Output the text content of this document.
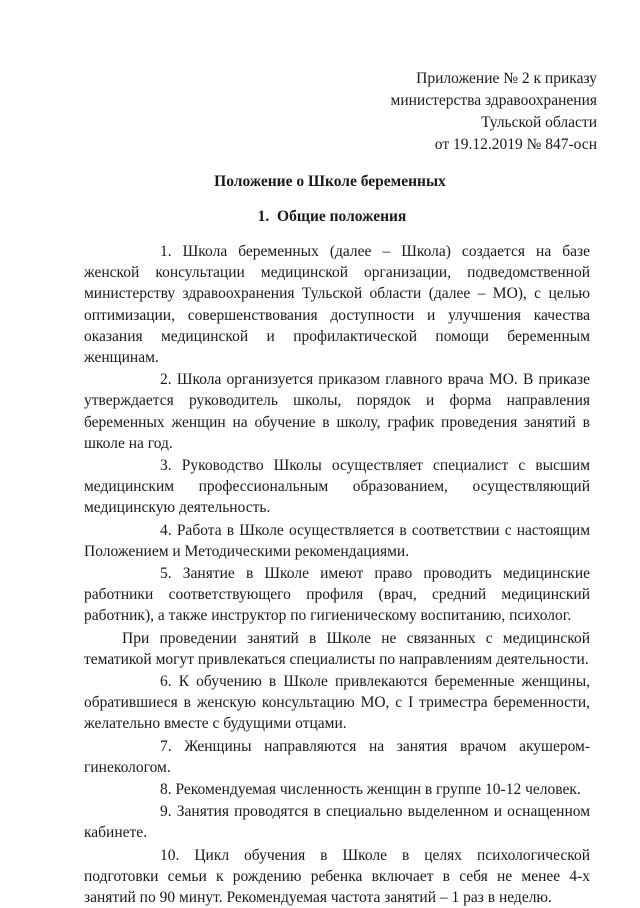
Приложение № 2 к приказу
министерства здравоохранения
Тульской области
от 19.12.2019 № 847-осн
Положение о Школе беременных
1. Общие положения

1. Школа беременных (далее – Школа) создается на базе женской консультации медицинской организации, подведомственной министерству здравоохранения Тульской области (далее – МО), с целью оптимизации, совершенствования доступности и улучшения качества оказания медицинской и профилактической помощи беременным женщинам.

2. Школа организуется приказом главного врача МО. В приказе утверждается руководитель школы, порядок и форма направления беременных женщин на обучение в школу, график проведения занятий в школе на год.

3. Руководство Школы осуществляет специалист с высшим медицинским профессиональным образованием, осуществляющий медицинскую деятельность.

4. Работа в Школе осуществляется в соответствии с настоящим Положением и Методическими рекомендациями.

5. Занятие в Школе имеют право проводить медицинские работники соответствующего профиля (врач, средний медицинский работник), а также инструктор по гигиеническому воспитанию, психолог.

При проведении занятий в Школе не связанных с медицинской тематикой могут привлекаться специалисты по направлениям деятельности.

6. К обучению в Школе привлекаются беременные женщины, обратившиеся в женскую консультацию МО, с I триместра беременности, желательно вместе с будущими отцами.

7. Женщины направляются на занятия врачом акушером-гинекологом.

8. Рекомендуемая численность женщин в группе 10-12 человек.

9. Занятия проводятся в специально выделенном и оснащенном кабинете.

10. Цикл обучения в Школе в целях психологической подготовки семьи к рождению ребенка включает в себя не менее 4-х занятий по 90 минут. Рекомендуемая частота занятий – 1 раз в неделю.
